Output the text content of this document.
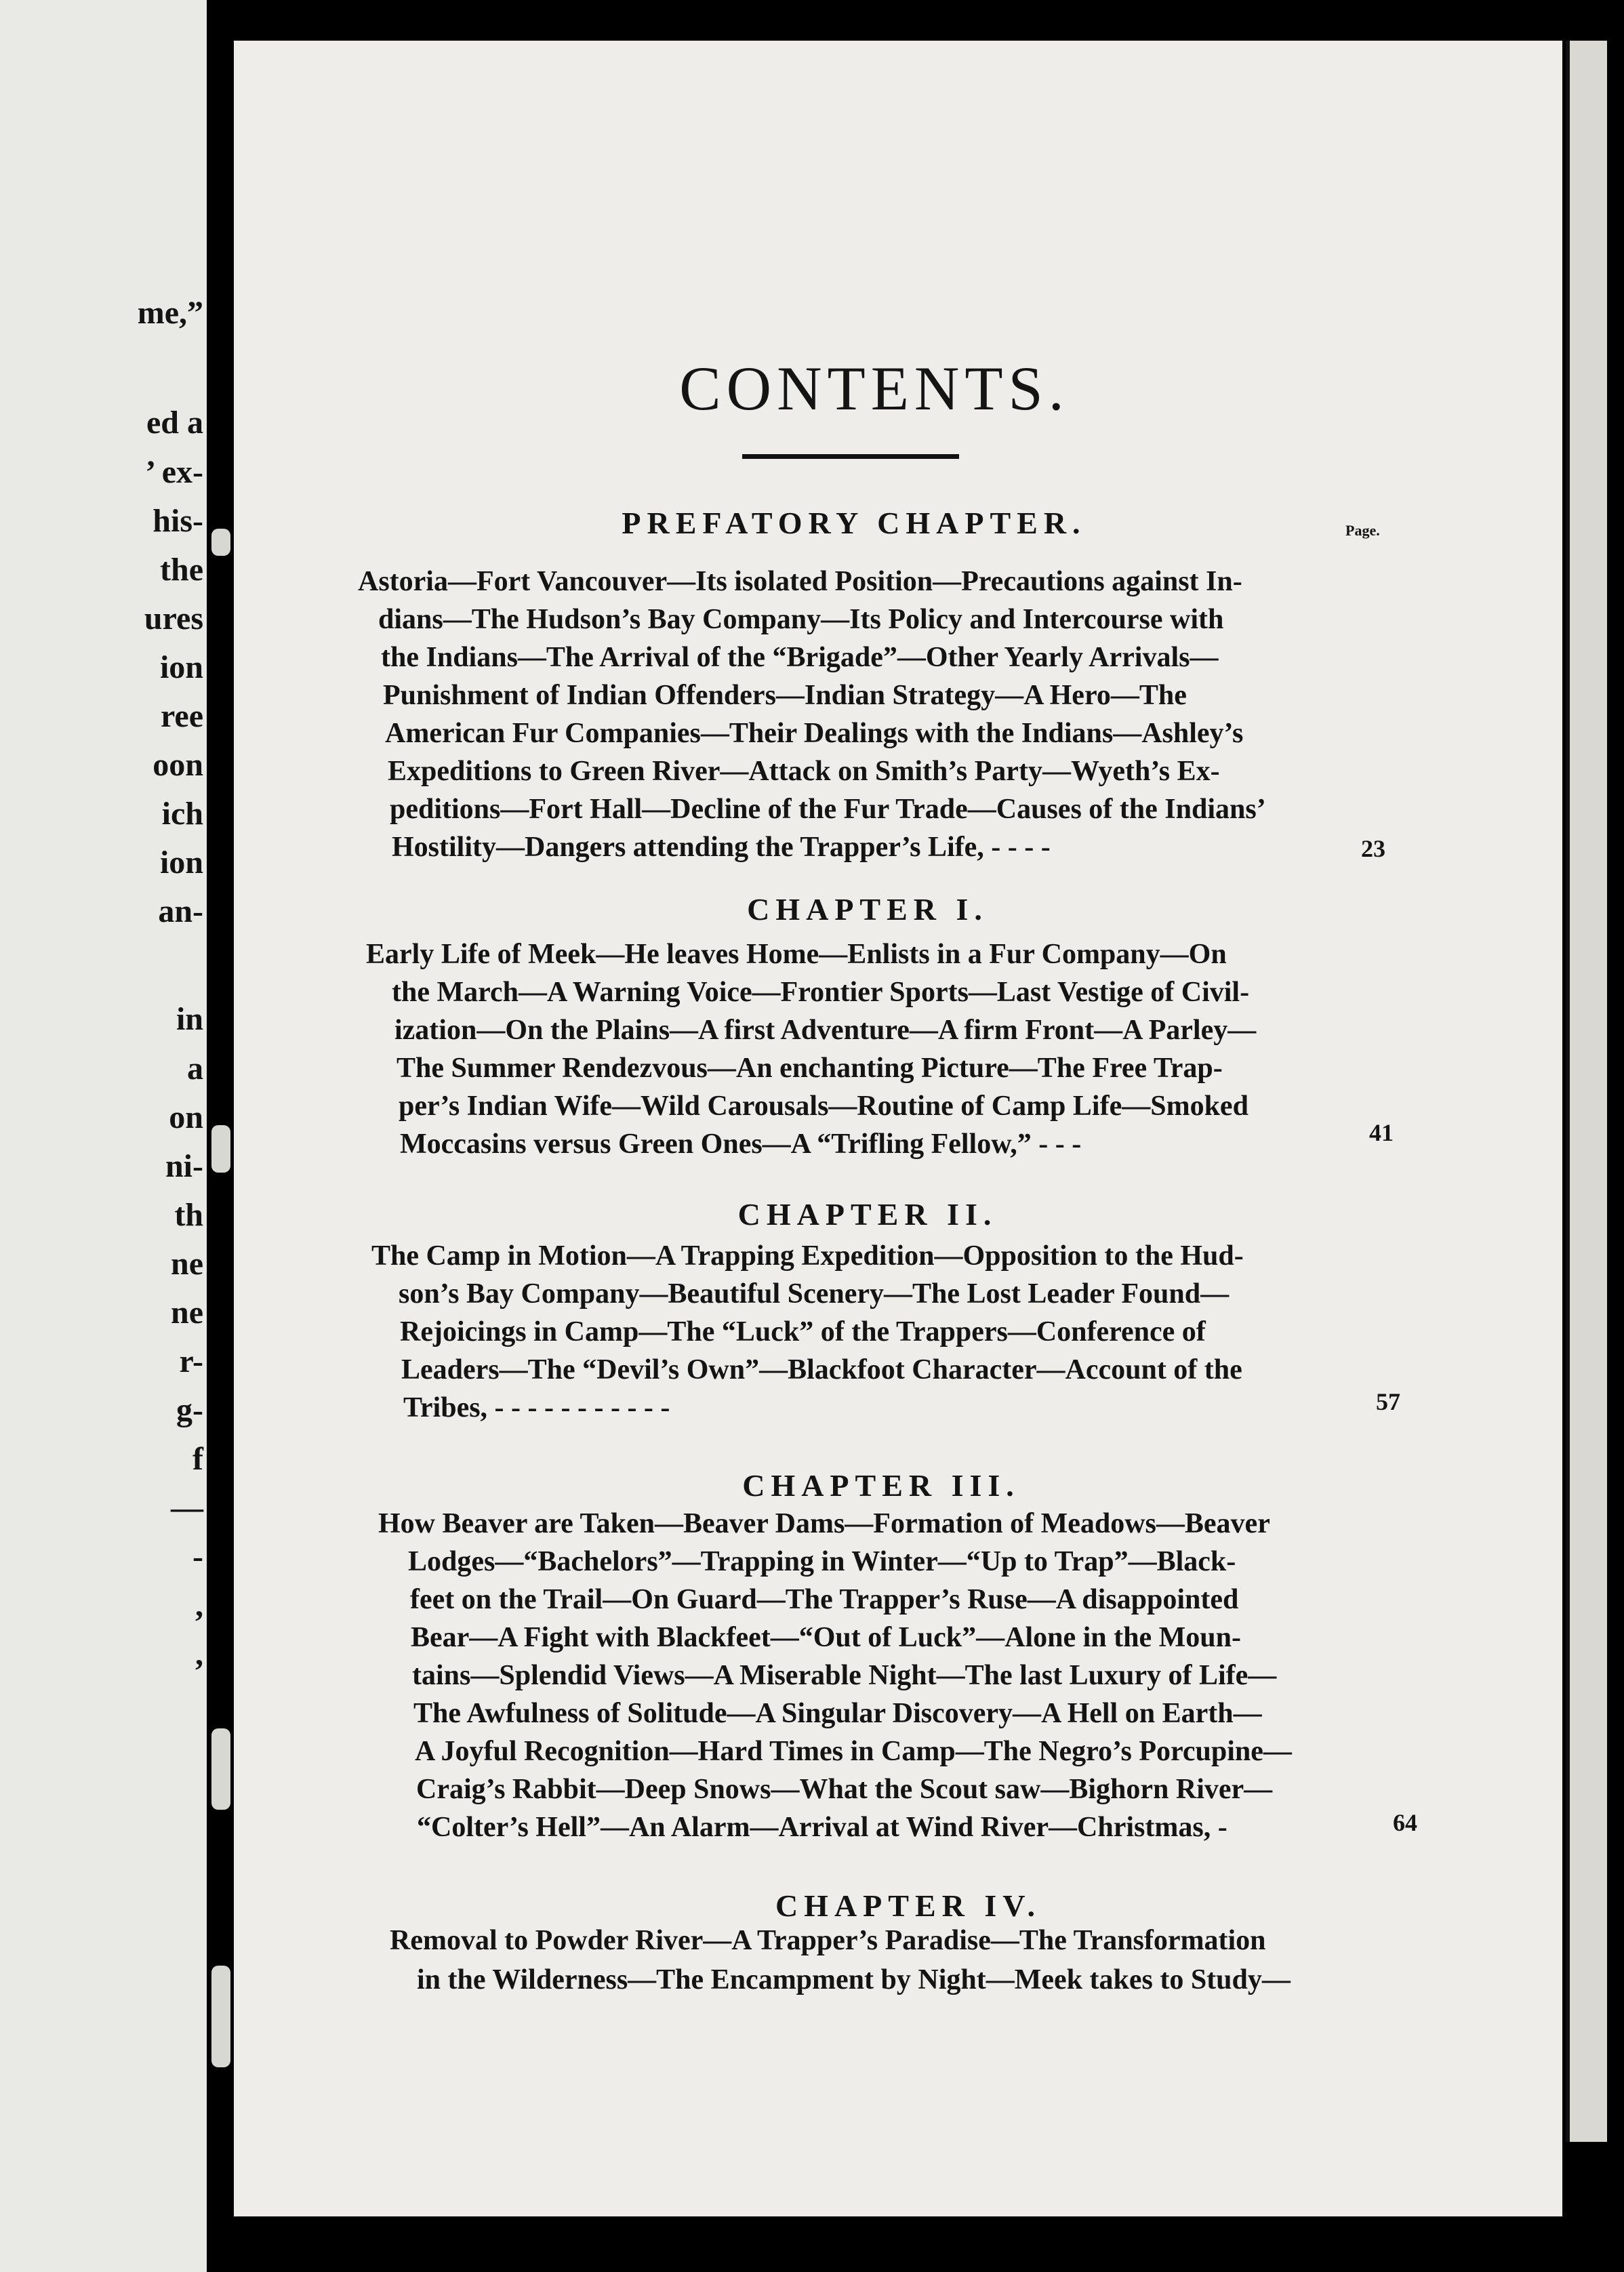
me,”
ed a
’ ex-
his-
the
ures
ion
ree
oon
ich
ion
an-
in
a
on
ni-
th
ne
ne
r-
g-
f
—
-
,
,
CONTENTS.
Page.
PREFATORY CHAPTER.
Astoria—Fort Vancouver—Its isolated Position—Precautions against In-
dians—The Hudson’s Bay Company—Its Policy and Intercourse with
the Indians—The Arrival of the “Brigade”—Other Yearly Arrivals—
Punishment of Indian Offenders—Indian Strategy—A Hero—The
American Fur Companies—Their Dealings with the Indians—Ashley’s
Expeditions to Green River—Attack on Smith’s Party—Wyeth’s Ex-
peditions—Fort Hall—Decline of the Fur Trade—Causes of the Indians’
Hostility—Dangers attending the Trapper’s Life, - - - -	23
CHAPTER I.
Early Life of Meek—He leaves Home—Enlists in a Fur Company—On
the March—A Warning Voice—Frontier Sports—Last Vestige of Civil-
ization—On the Plains—A first Adventure—A firm Front—A Parley—
The Summer Rendezvous—An enchanting Picture—The Free Trap-
per’s Indian Wife—Wild Carousals—Routine of Camp Life—Smoked
Moccasins versus Green Ones—A “Trifling Fellow,” - - -	41
CHAPTER II.
The Camp in Motion—A Trapping Expedition—Opposition to the Hud-
son’s Bay Company—Beautiful Scenery—The Lost Leader Found—
Rejoicings in Camp—The “Luck” of the Trappers—Conference of
Leaders—The “Devil’s Own”—Blackfoot Character—Account of the
Tribes, - - - - - - - - - - -	57
CHAPTER III.
How Beaver are Taken—Beaver Dams—Formation of Meadows—Beaver
Lodges—“Bachelors”—Trapping in Winter—“Up to Trap”—Black-
feet on the Trail—On Guard—The Trapper’s Ruse—A disappointed
Bear—A Fight with Blackfeet—“Out of Luck”—Alone in the Moun-
tains—Splendid Views—A Miserable Night—The last Luxury of Life—
The Awfulness of Solitude—A Singular Discovery—A Hell on Earth—
A Joyful Recognition—Hard Times in Camp—The Negro’s Porcupine—
Craig’s Rabbit—Deep Snows—What the Scout saw—Bighorn River—
“Colter’s Hell”—An Alarm—Arrival at Wind River—Christmas, -	64
CHAPTER IV.
Removal to Powder River—A Trapper’s Paradise—The Transformation
in the Wilderness—The Encampment by Night—Meek takes to Study—
